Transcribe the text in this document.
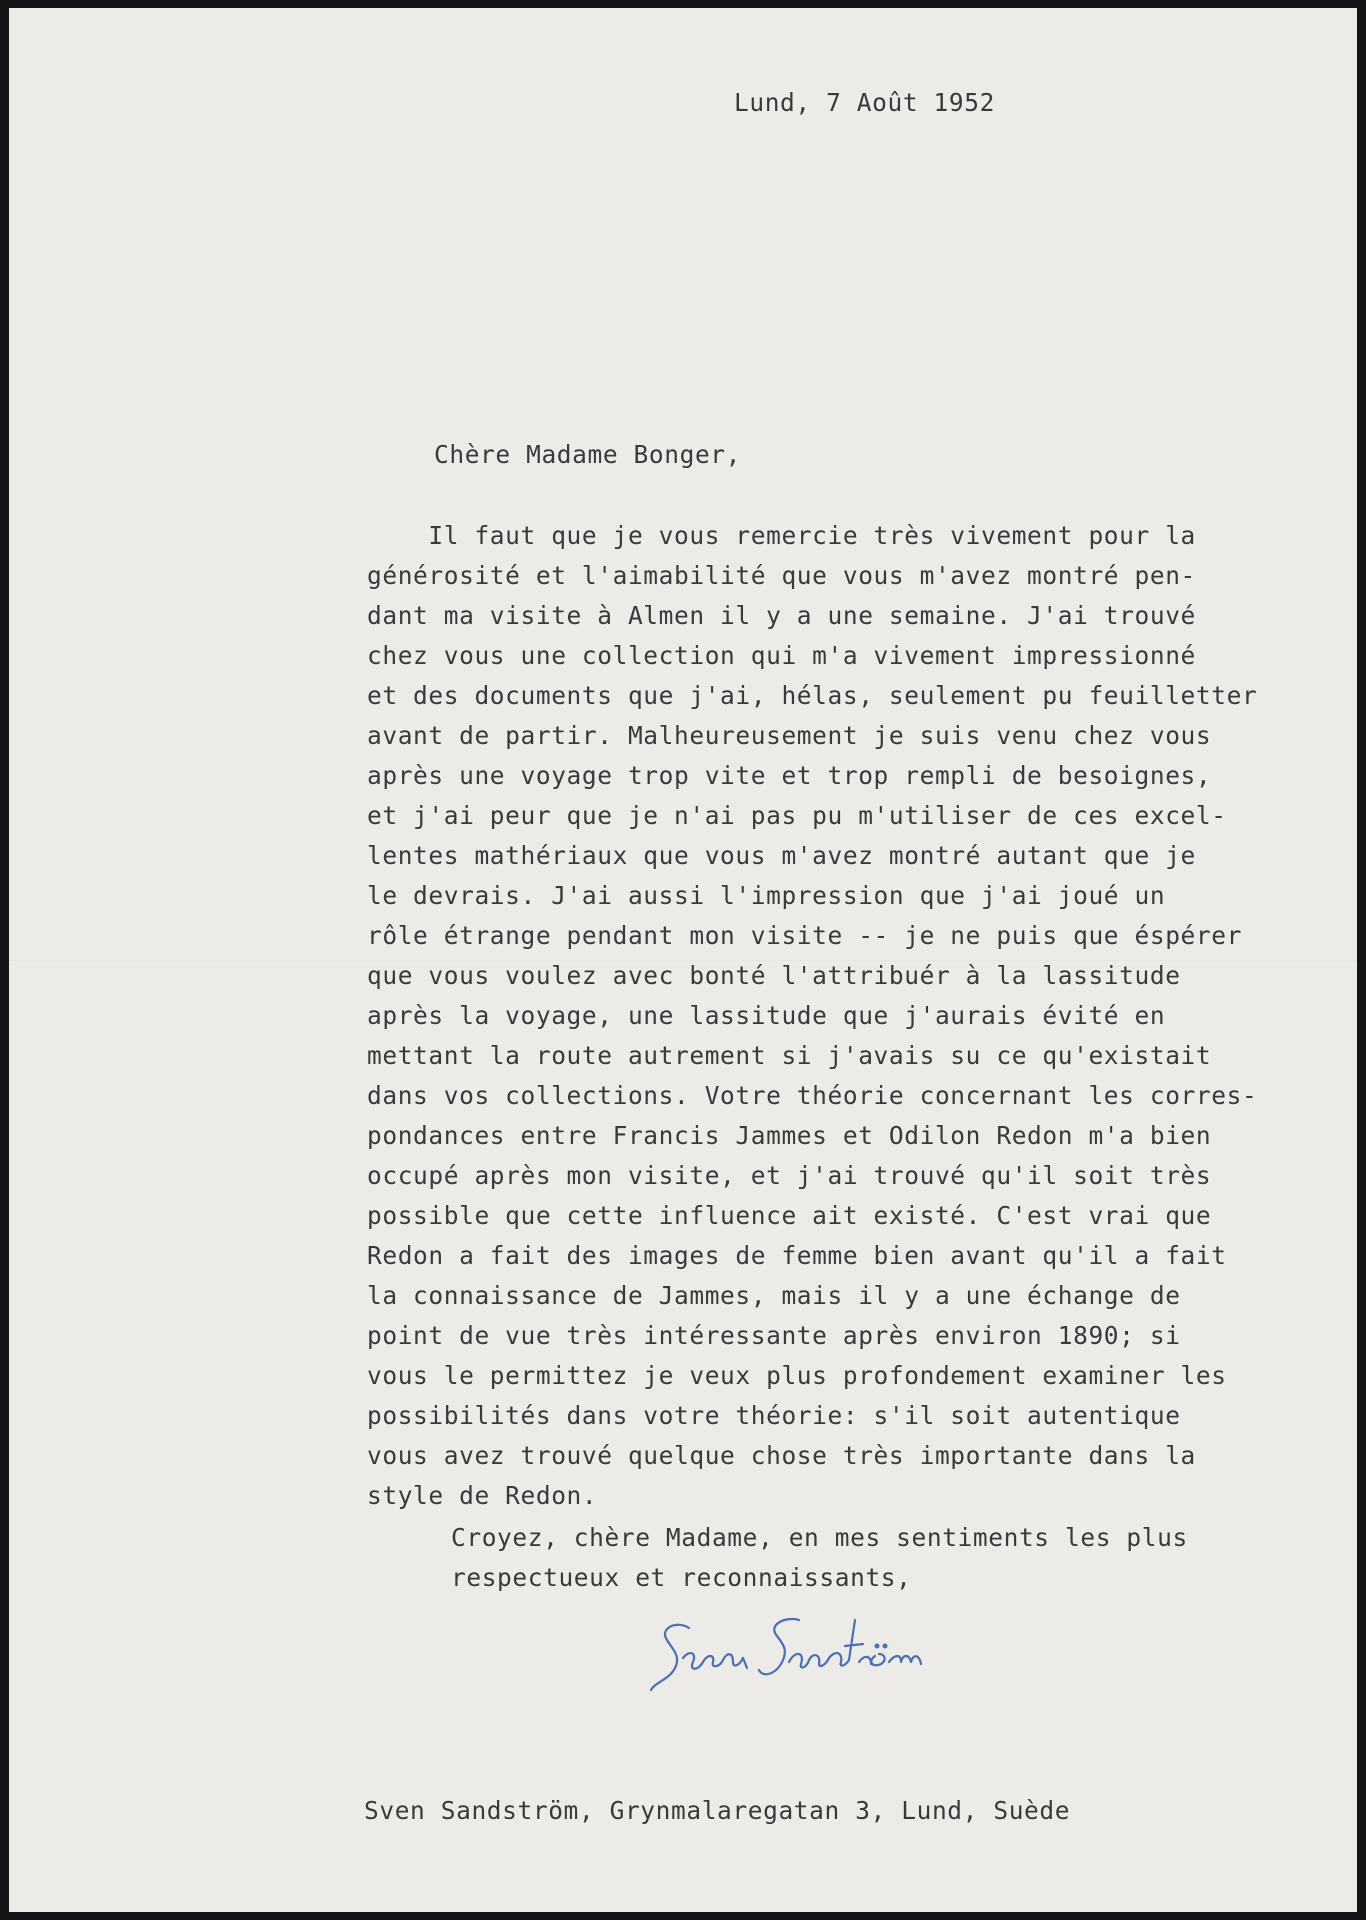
Lund, 7 Août 1952
Chère Madame Bonger,
Il faut que je vous remercie très vivement pour la
générosité et l'aimabilité que vous m'avez montré pen-
dant ma visite à Almen il y a une semaine. J'ai trouvé
chez vous une collection qui m'a vivement impressionné
et des documents que j'ai, hélas, seulement pu feuilletter
avant de partir. Malheureusement je suis venu chez vous
après une voyage trop vite et trop rempli de besoignes,
et j'ai peur que je n'ai pas pu m'utiliser de ces excel-
lentes mathériaux que vous m'avez montré autant que je
le devrais. J'ai aussi l'impression que j'ai joué un
rôle étrange pendant mon visite -- je ne puis que éspérer
que vous voulez avec bonté l'attribuér à la lassitude
après la voyage, une lassitude que j'aurais évité en
mettant la route autrement si j'avais su ce qu'existait
dans vos collections. Votre théorie concernant les corres-
pondances entre Francis Jammes et Odilon Redon m'a bien
occupé après mon visite, et j'ai trouvé qu'il soit très
possible que cette influence ait existé. C'est vrai que
Redon a fait des images de femme bien avant qu'il a fait
la connaissance de Jammes, mais il y a une échange de
point de vue très intéressante après environ 1890; si
vous le permittez je veux plus profondement examiner les
possibilités dans votre théorie: s'il soit autentique
vous avez trouvé quelque chose très importante dans la
style de Redon.
Croyez, chère Madame, en mes sentiments les plus
respectueux et reconnaissants,
Sven Sandström, Grynmalaregatan 3, Lund, Suède
